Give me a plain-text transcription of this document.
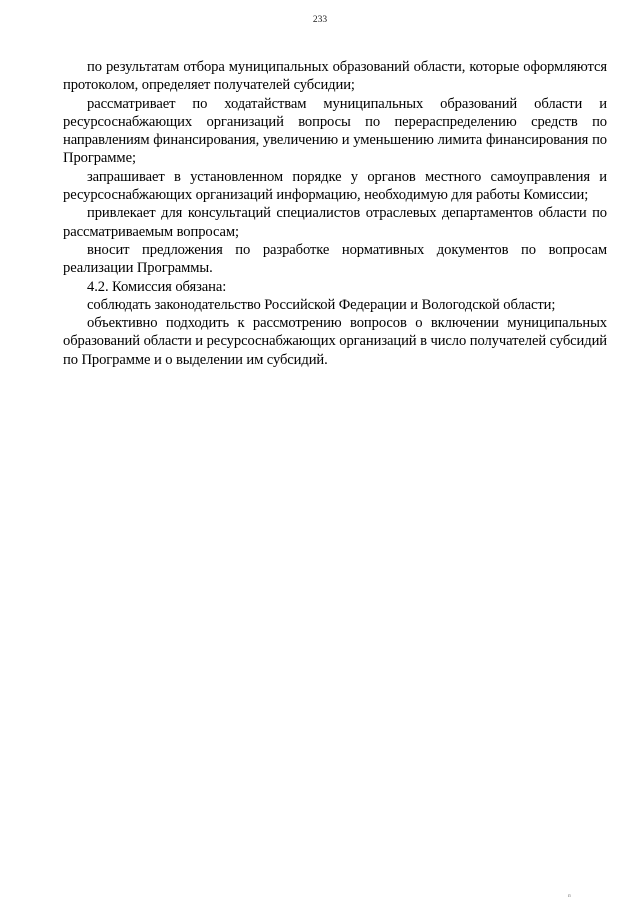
233

по результатам отбора муниципальных образований области, которые оформляются протоколом, определяет получателей субсидии;

рассматривает по ходатайствам муниципальных образований области и ресурсоснабжающих организаций вопросы по перераспределению средств по направлениям финансирования, увеличению и уменьшению лимита финансирования по Программе;

запрашивает в установленном порядке у органов местного самоуправления и ресурсоснабжающих организаций информацию, необходимую для работы Комиссии;

привлекает для консультаций специалистов отраслевых департаментов области по рассматриваемым вопросам;

вносит предложения по разработке нормативных документов по вопросам реализации Программы.

4.2. Комиссия обязана:

соблюдать законодательство Российской Федерации и Вологодской области;

объективно подходить к рассмотрению вопросов о включении муниципальных образований области и ресурсоснабжающих организаций в число получателей субсидий по Программе и о выделении им субсидий.

п
